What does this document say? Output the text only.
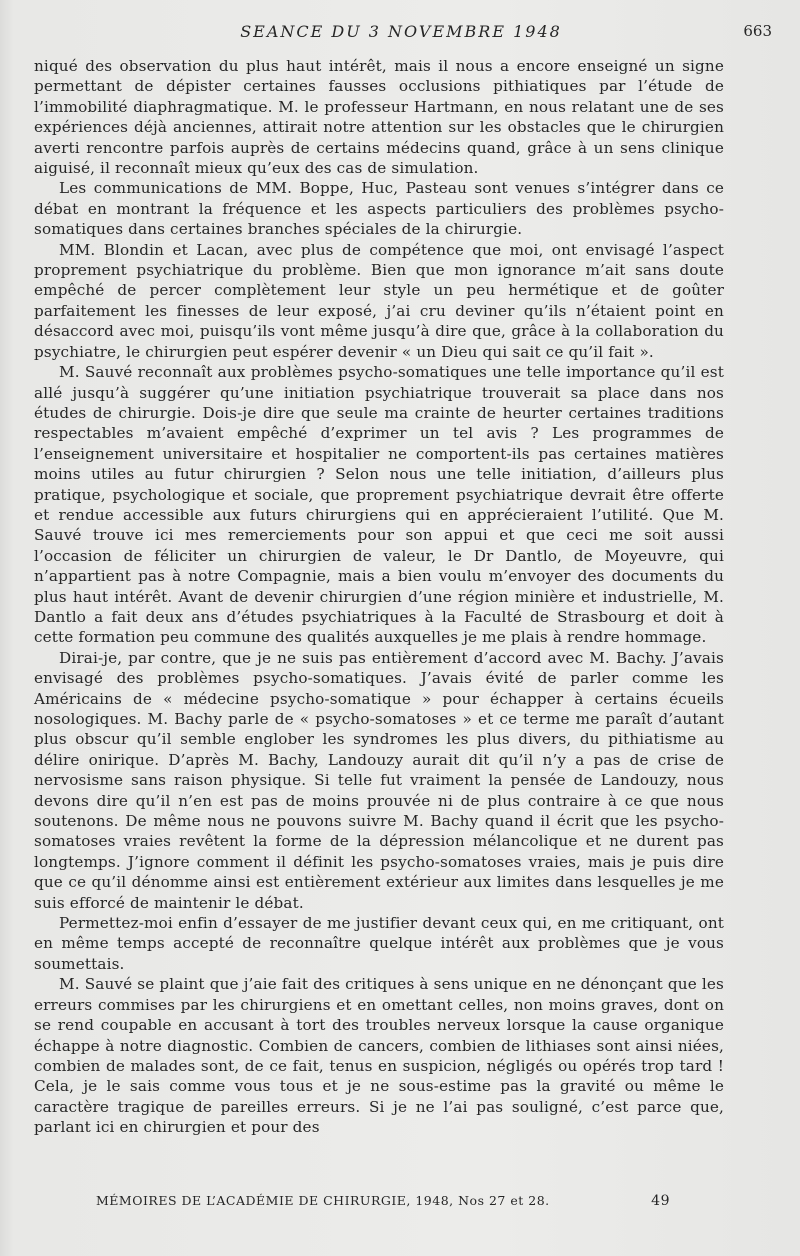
SEANCE DU 3 NOVEMBRE 1948	663

niqué des observation du plus haut intérêt, mais il nous a encore enseigné un signe permettant de dépister certaines fausses occlusions pithiatiques par l’étude de l’immobilité diaphragmatique. M. le professeur Hartmann, en nous relatant une de ses expériences déjà anciennes, attirait notre attention sur les obstacles que le chirurgien averti rencontre parfois auprès de certains médecins quand, grâce à un sens clinique aiguisé, il reconnaît mieux qu’eux des cas de simulation.

Les communications de MM. Boppe, Huc, Pasteau sont venues s’intégrer dans ce débat en montrant la fréquence et les aspects particuliers des problèmes psycho-somatiques dans certaines branches spéciales de la chirurgie.

MM. Blondin et Lacan, avec plus de compétence que moi, ont envisagé l’aspect proprement psychiatrique du problème. Bien que mon ignorance m’ait sans doute empêché de percer complètement leur style un peu hermétique et de goûter parfaitement les finesses de leur exposé, j’ai cru deviner qu’ils n’étaient point en désaccord avec moi, puisqu’ils vont même jusqu’à dire que, grâce à la collaboration du psychiatre, le chirurgien peut espérer devenir « un Dieu qui sait ce qu’il fait ».

M. Sauvé reconnaît aux problèmes psycho-somatiques une telle importance qu’il est allé jusqu’à suggérer qu’une initiation psychiatrique trouverait sa place dans nos études de chirurgie. Dois-je dire que seule ma crainte de heurter certaines traditions respectables m’avaient empêché d’exprimer un tel avis ? Les programmes de l’enseignement universitaire et hospitalier ne comportent-ils pas certaines matières moins utiles au futur chirurgien ? Selon nous une telle initiation, d’ailleurs plus pratique, psychologique et sociale, que proprement psychiatrique devrait être offerte et rendue accessible aux futurs chirurgiens qui en apprécieraient l’utilité. Que M. Sauvé trouve ici mes remerciements pour son appui et que ceci me soit aussi l’occasion de féliciter un chirurgien de valeur, le Dr Dantlo, de Moyeuvre, qui n’appartient pas à notre Compagnie, mais a bien voulu m’envoyer des documents du plus haut intérêt. Avant de devenir chirurgien d’une région minière et industrielle, M. Dantlo a fait deux ans d’études psychiatriques à la Faculté de Strasbourg et doit à cette formation peu commune des qualités auxquelles je me plais à rendre hommage.

Dirai-je, par contre, que je ne suis pas entièrement d’accord avec M. Bachy. J’avais envisagé des problèmes psycho-somatiques. J’avais évité de parler comme les Américains de « médecine psycho-somatique » pour échapper à certains écueils nosologiques. M. Bachy parle de « psycho-somatoses » et ce terme me paraît d’autant plus obscur qu’il semble englober les syndromes les plus divers, du pithiatisme au délire onirique. D’après M. Bachy, Landouzy aurait dit qu’il n’y a pas de crise de nervosisme sans raison physique. Si telle fut vraiment la pensée de Landouzy, nous devons dire qu’il n’en est pas de moins prouvée ni de plus contraire à ce que nous soutenons. De même nous ne pouvons suivre M. Bachy quand il écrit que les psycho-somatoses vraies revêtent la forme de la dépression mélancolique et ne durent pas longtemps. J’ignore comment il définit les psycho-somatoses vraies, mais je puis dire que ce qu’il dénomme ainsi est entièrement extérieur aux limites dans lesquelles je me suis efforcé de maintenir le débat.

Permettez-moi enfin d’essayer de me justifier devant ceux qui, en me critiquant, ont en même temps accepté de reconnaître quelque intérêt aux problèmes que je vous soumettais.

M. Sauvé se plaint que j’aie fait des critiques à sens unique en ne dénonçant que les erreurs commises par les chirurgiens et en omettant celles, non moins graves, dont on se rend coupable en accusant à tort des troubles nerveux lorsque la cause organique échappe à notre diagnostic. Combien de cancers, combien de lithiases sont ainsi niées, combien de malades sont, de ce fait, tenus en suspicion, négligés ou opérés trop tard ! Cela, je le sais comme vous tous et je ne sous-estime pas la gravité ou même le caractère tragique de pareilles erreurs. Si je ne l’ai pas souligné, c’est parce que, parlant ici en chirurgien et pour des

MÉMOIRES DE L’ACADÉMIE DE CHIRURGIE, 1948, Nos 27 et 28.	49
